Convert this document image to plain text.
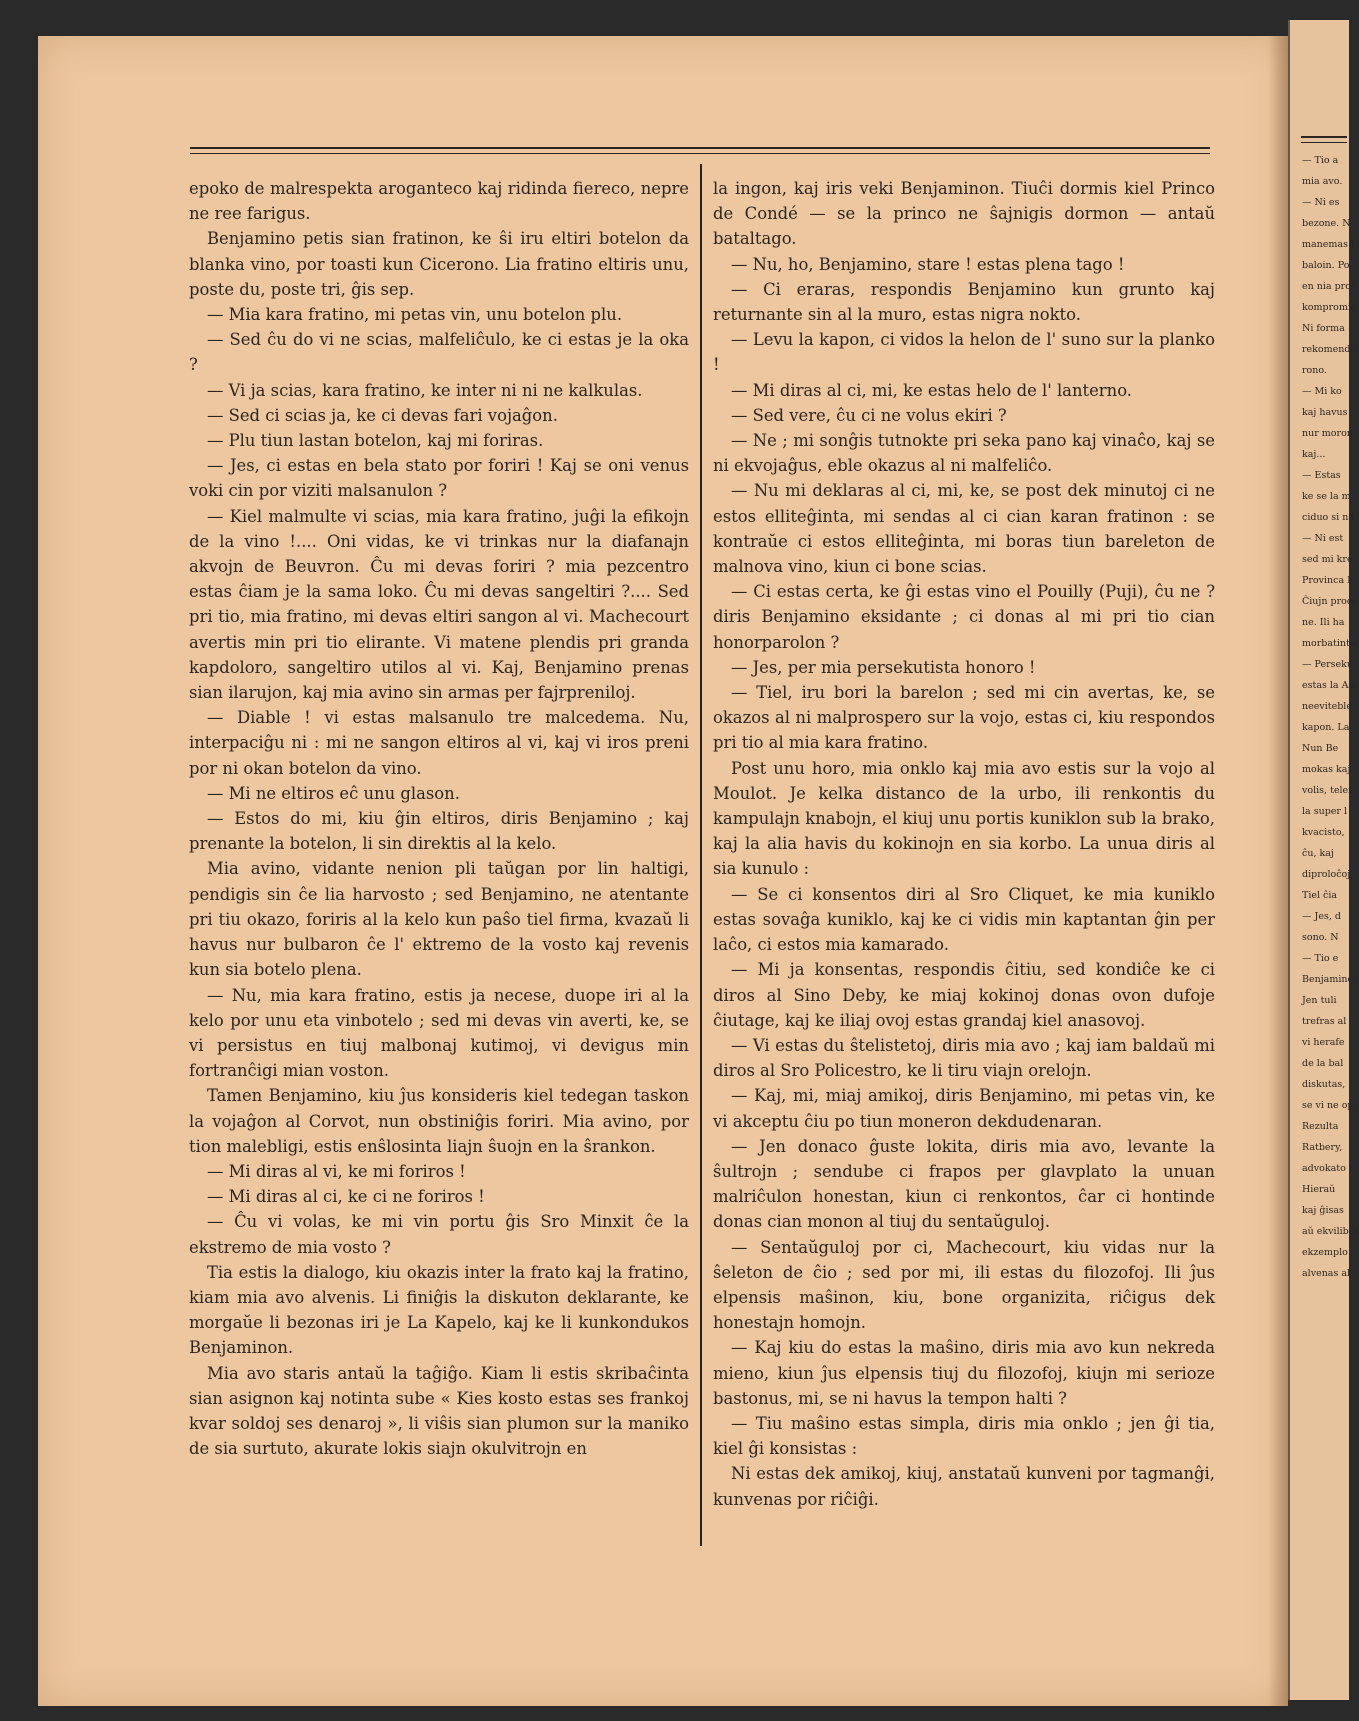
epoko de malrespekta aroganteco kaj ridinda fiereco, nepre ne ree farigus.

Benjamino petis sian fratinon, ke ŝi iru eltiri botelon da blanka vino, por toasti kun Cicerono. Lia fratino eltiris unu, poste du, poste tri, ĝis sep.

— Mia kara fratino, mi petas vin, unu botelon plu.

— Sed ĉu do vi ne scias, malfeliĉulo, ke ci estas je la oka ?

— Vi ja scias, kara fratino, ke inter ni ni ne kalkulas.

— Sed ci scias ja, ke ci devas fari vojaĝon.

— Plu tiun lastan botelon, kaj mi foriras.

— Jes, ci estas en bela stato por foriri ! Kaj se oni venus voki cin por viziti malsanulon ?

— Kiel malmulte vi scias, mia kara fratino, juĝi la efikojn de la vino !.... Oni vidas, ke vi trinkas nur la diafanajn akvojn de Beuvron. Ĉu mi devas foriri ? mia pezcentro estas ĉiam je la sama loko. Ĉu mi devas sangeltiri ?.... Sed pri tio, mia fratino, mi devas eltiri sangon al vi. Machecourt avertis min pri tio elirante. Vi matene plendis pri granda kapdoloro, sangeltiro utilos al vi. Kaj, Benjamino prenas sian ilarujon, kaj mia avino sin armas per fajrpreniloj.

— Diable ! vi estas malsanulo tre malcedema. Nu, interpaciĝu ni : mi ne sangon eltiros al vi, kaj vi iros preni por ni okan botelon da vino.

— Mi ne eltiros eĉ unu glason.

— Estos do mi, kiu ĝin eltiros, diris Benjamino ; kaj prenante la botelon, li sin direktis al la kelo.

Mia avino, vidante nenion pli taŭgan por lin haltigi, pendigis sin ĉe lia harvosto ; sed Benjamino, ne atentante pri tiu okazo, foriris al la kelo kun paŝo tiel firma, kvazaŭ li havus nur bulbaron ĉe l' ektremo de la vosto kaj revenis kun sia botelo plena.

— Nu, mia kara fratino, estis ja necese, duope iri al la kelo por unu eta vinbotelo ; sed mi devas vin averti, ke, se vi persistus en tiuj malbonaj kutimoj, vi devigus min fortranĉigi mian voston.

Tamen Benjamino, kiu ĵus konsideris kiel tedegan taskon la vojaĝon al Corvot, nun obstiniĝis foriri. Mia avino, por tion malebligi, estis enŝlosinta liajn ŝuojn en la ŝrankon.

— Mi diras al vi, ke mi foriros !

— Mi diras al ci, ke ci ne foriros !

— Ĉu vi volas, ke mi vin portu ĝis Sro Minxit ĉe la ekstremo de mia vosto ?

Tia estis la dialogo, kiu okazis inter la frato kaj la fratino, kiam mia avo alvenis. Li finiĝis la diskuton deklarante, ke morgaŭe li bezonas iri je La Kapelo, kaj ke li kunkondukos Benjaminon.

Mia avo staris antaŭ la taĝiĝo. Kiam li estis skribaĉinta sian asignon kaj notinta sube « Kies kosto estas ses frankoj kvar soldoj ses denaroj », li viŝis sian plumon sur la maniko de sia surtuto, akurate lokis siajn okulvitrojn en

la ingon, kaj iris veki Benjaminon. Tiuĉi dormis kiel Princo de Condé — se la princo ne ŝajnigis dormon — antaŭ bataltago.

— Nu, ho, Benjamino, stare ! estas plena tago !

— Ci eraras, respondis Benjamino kun grunto kaj returnante sin al la muro, estas nigra nokto.

— Levu la kapon, ci vidos la helon de l' suno sur la planko !

— Mi diras al ci, mi, ke estas helo de l' lanterno.

— Sed vere, ĉu ci ne volus ekiri ?

— Ne ; mi sonĝis tutnokte pri seka pano kaj vinaĉo, kaj se ni ekvojaĝus, eble okazus al ni malfeliĉo.

— Nu mi deklaras al ci, mi, ke, se post dek minutoj ci ne estos elliteĝinta, mi sendas al ci cian karan fratinon : se kontraŭe ci estos elliteĝinta, mi boras tiun bareleton de malnova vino, kiun ci bone scias.

— Ci estas certa, ke ĝi estas vino el Pouilly (Puji), ĉu ne ? diris Benjamino eksidante ; ci donas al mi pri tio cian honorparolon ?

— Jes, per mia persekutista honoro !

— Tiel, iru bori la barelon ; sed mi cin avertas, ke, se okazos al ni malprospero sur la vojo, estas ci, kiu respondos pri tio al mia kara fratino.

Post unu horo, mia onklo kaj mia avo estis sur la vojo al Moulot. Je kelka distanco de la urbo, ili renkontis du kampulajn knabojn, el kiuj unu portis kuniklon sub la brako, kaj la alia havis du kokinojn en sia korbo. La unua diris al sia kunulo :

— Se ci konsentos diri al Sro Cliquet, ke mia kuniklo estas sovaĝa kuniklo, kaj ke ci vidis min kaptantan ĝin per laĉo, ci estos mia kamarado.

— Mi ja konsentas, respondis ĉitiu, sed kondiĉe ke ci diros al Sino Deby, ke miaj kokinoj donas ovon dufoje ĉiutage, kaj ke iliaj ovoj estas grandaj kiel anasovoj.

— Vi estas du ŝtelistetoj, diris mia avo ; kaj iam baldaŭ mi diros al Sro Policestro, ke li tiru viajn orelojn.

— Kaj, mi, miaj amikoj, diris Benjamino, mi petas vin, ke vi akceptu ĉiu po tiun moneron dekdudenaran.

— Jen donaco ĝuste lokita, diris mia avo, levante la ŝultrojn ; sendube ci frapos per glavplato la unuan malriĉulon honestan, kiun ci renkontos, ĉar ci hontinde donas cian monon al tiuj du sentaŭguloj.

— Sentaŭguloj por ci, Machecourt, kiu vidas nur la ŝeleton de ĉio ; sed por mi, ili estas du filozofoj. Ili ĵus elpensis maŝinon, kiu, bone organizita, riĉigus dek honestajn homojn.

— Kaj kiu do estas la maŝino, diris mia avo kun nekreda mieno, kiun ĵus elpensis tiuj du filozofoj, kiujn mi serioze bastonus, mi, se ni havus la tempon halti ?

— Tiu maŝino estas simpla, diris mia onklo ; jen ĝi tia, kiel ĝi konsistas :

Ni estas dek amikoj, kiuj, anstataŭ kunveni por tagmanĝi, kunvenas por riĉiĝi.

— Tio a
mia avo.
— Ni es
bezone. N
manemas l
baloin. Po
en nia prof
kompromiti
Ni forma
rekomendi,
rono.
— Mi ko
kaj havus
nur moron
kaj...
— Estas
ke se la m
ciduo si na
— Ni est
sed mi kre
Provinca L
Ĉiujn proce
ne. Ili ha
morbatinta
— Perseku
estas la An
neeviteble
kapon. La
Nun Be
mokas kaj
volis, teler
la super l
kvacisto,
ĉu, kaj
diproloĉoj
Tiel ĉia
— Jes, d
sono. N
— Tio e
Benjamino
Jen tuli
trefras al
vi herafe
de la bal
diskutas,
se vi ne op
Rezulta
Ratbery,
advokato
Hieraŭ
kaj ĝisas
aŭ ekvilibra
ekzemplo
alvenas al
